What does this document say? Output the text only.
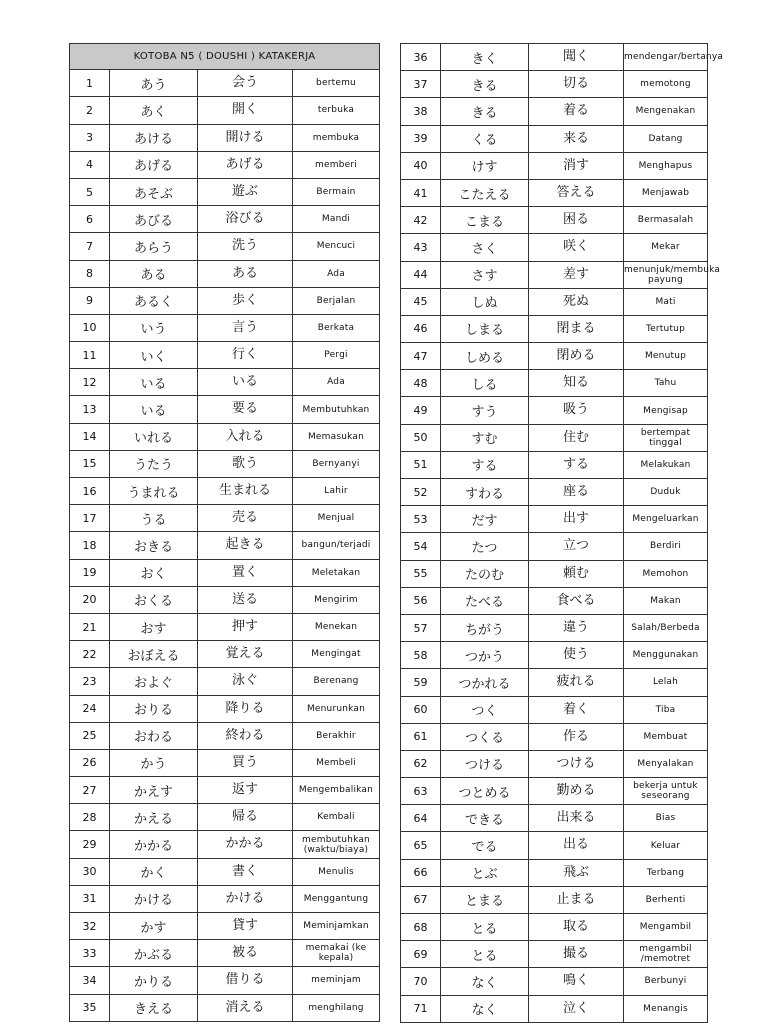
KOTOBA N5 ( DOUSHI ) KATAKERJA			
1	あう	会う	bertemu
2	あく	開く	terbuka
3	あける	開ける	membuka
4	あげる	あげる	memberi
5	あそぶ	遊ぶ	Bermain
6	あびる	浴びる	Mandi
7	あらう	洗う	Mencuci
8	ある	ある	Ada
9	あるく	歩く	Berjalan
10	いう	言う	Berkata
11	いく	行く	Pergi
12	いる	いる	Ada
13	いる	要る	Membutuhkan
14	いれる	入れる	Memasukan
15	うたう	歌う	Bernyanyi
16	うまれる	生まれる	Lahir
17	うる	売る	Menjual
18	おきる	起きる	bangun/terjadi
19	おく	置く	Meletakan
20	おくる	送る	Mengirim
21	おす	押す	Menekan
22	おぼえる	覚える	Mengingat
23	およぐ	泳ぐ	Berenang
24	おりる	降りる	Menurunkan
25	おわる	終わる	Berakhir
26	かう	買う	Membeli
27	かえす	返す	Mengembalikan
28	かえる	帰る	Kembali
29	かかる	かかる	membutuhkan (waktu/biaya)
30	かく	書く	Menulis
31	かける	かける	Menggantung
32	かす	貸す	Meminjamkan
33	かぶる	被る	memakai (ke kepala)
34	かりる	借りる	meminjam
35	きえる	消える	menghilang
36	きく	聞く	mendengar/bertanya
37	きる	切る	memotong
38	きる	着る	Mengenakan
39	くる	来る	Datang
40	けす	消す	Menghapus
41	こたえる	答える	Menjawab
42	こまる	困る	Bermasalah
43	さく	咲く	Mekar
44	さす	差す	menunjuk/membuka payung
45	しぬ	死ぬ	Mati
46	しまる	閉まる	Tertutup
47	しめる	閉める	Menutup
48	しる	知る	Tahu
49	すう	吸う	Mengisap
50	すむ	住む	bertempat tinggal
51	する	する	Melakukan
52	すわる	座る	Duduk
53	だす	出す	Mengeluarkan
54	たつ	立つ	Berdiri
55	たのむ	頼む	Memohon
56	たべる	食べる	Makan
57	ちがう	違う	Salah/Berbeda
58	つかう	使う	Menggunakan
59	つかれる	疲れる	Lelah
60	つく	着く	Tiba
61	つくる	作る	Membuat
62	つける	つける	Menyalakan
63	つとめる	勤める	bekerja untuk seseorang
64	できる	出来る	Bias
65	でる	出る	Keluar
66	とぶ	飛ぶ	Terbang
67	とまる	止まる	Berhenti
68	とる	取る	Mengambil
69	とる	撮る	mengambil /memotret
70	なく	鳴く	Berbunyi
71	なく	泣く	Menangis
